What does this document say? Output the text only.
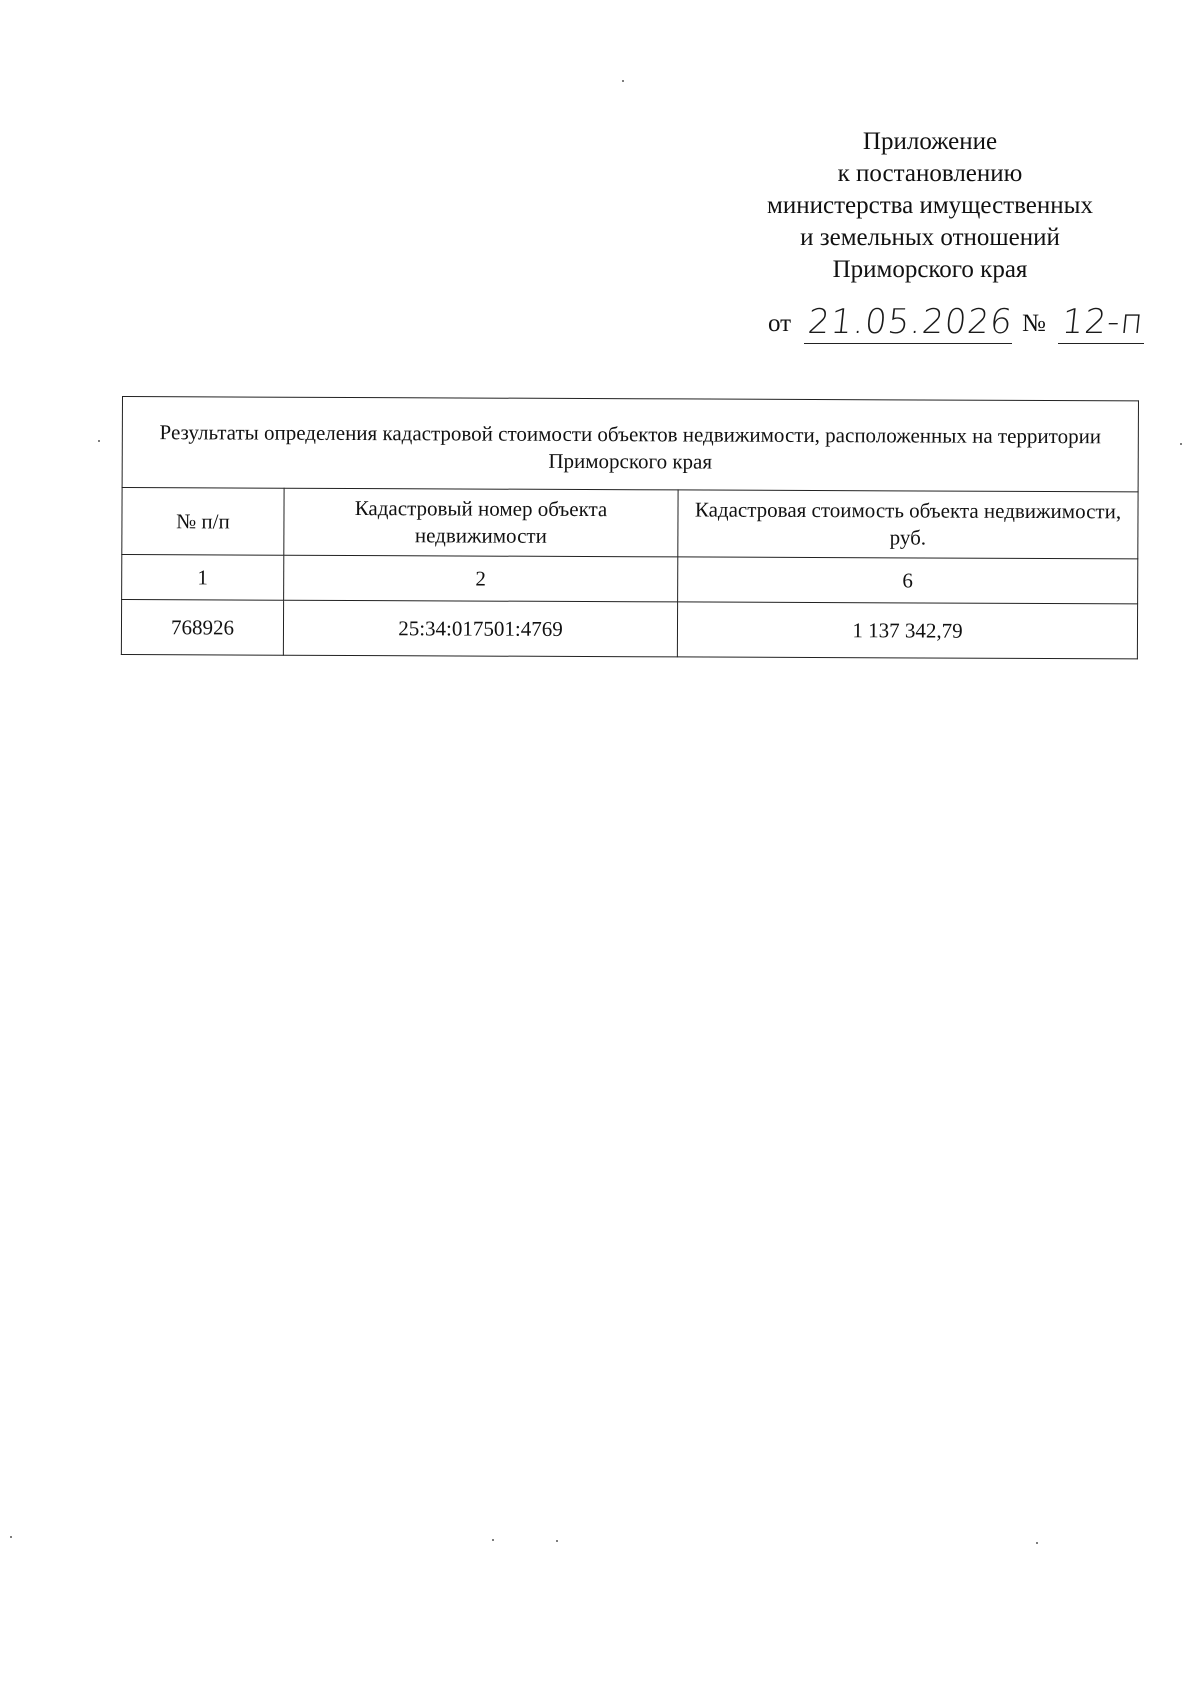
Приложение
к постановлению
министерства имущественных
и земельных отношений
Приморского края
от 21.05.2026 № 12-п
Результаты определения кадастровой стоимости объектов недвижимости, расположенных на территории Приморского края		
№ п/п	Кадастровый номер объекта недвижимости	Кадастровая стоимость объекта недвижимости, руб.
1	2	6
768926	25:34:017501:4769	1 137 342,79
